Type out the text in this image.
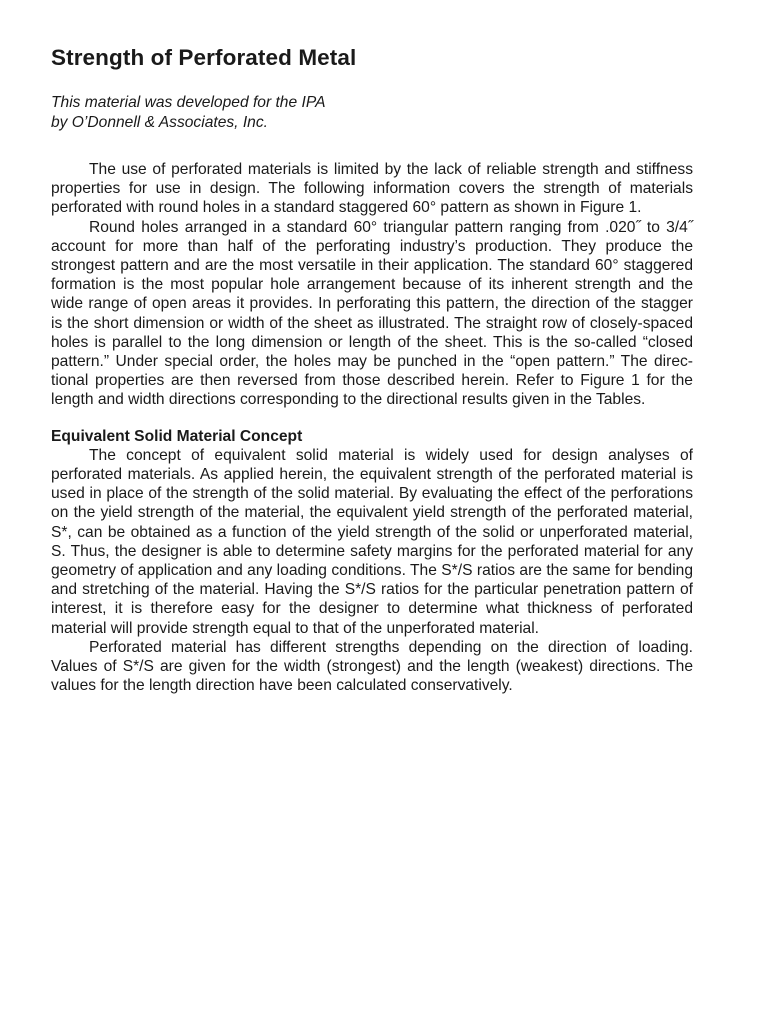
Strength of Perforated Metal
This material was developed for the IPA
by O’Donnell & Associates, Inc.

The use of perforated materials is limited by the lack of reliable strength and stiffness properties for use in design. The following information covers the strength of materials perforated with round holes in a standard staggered 60° pattern as shown in Figure 1.

Round holes arranged in a standard 60° triangular pattern ranging from .020˝ to 3/4˝ account for more than half of the perforating industry’s production. They produce the strongest pattern and are the most versatile in their application. The standard 60° staggered formation is the most popular hole arrangement because of its inherent strength and the wide range of open areas it provides. In perforating this pattern, the direction of the stagger is the short dimension or width of the sheet as illustrated. The straight row of closely-spaced holes is parallel to the long dimension or length of the sheet. This is the so-called “closed pattern.” Under special order, the holes may be punched in the “open pattern.” The directional properties are then reversed from those described herein. Refer to Figure 1 for the length and width directions corresponding to the directional results given in the Tables.

Equivalent Solid Material Concept

The concept of equivalent solid material is widely used for design analyses of perforated materials. As applied herein, the equivalent strength of the perforated material is used in place of the strength of the solid material. By evaluating the effect of the perforations on the yield strength of the material, the equivalent yield strength of the perforated material, S*, can be obtained as a function of the yield strength of the solid or unperforated material, S. Thus, the designer is able to determine safety margins for the perforated material for any geometry of application and any loading conditions. The S*/S ratios are the same for bending and stretching of the material. Having the S*/S ratios for the particular penetration pattern of interest, it is therefore easy for the designer to determine what thickness of perforated material will provide strength equal to that of the unperforated material.

Perforated material has different strengths depending on the direction of loading. Values of S*/S are given for the width (strongest) and the length (weakest) directions. The values for the length direction have been calculated conservatively.
